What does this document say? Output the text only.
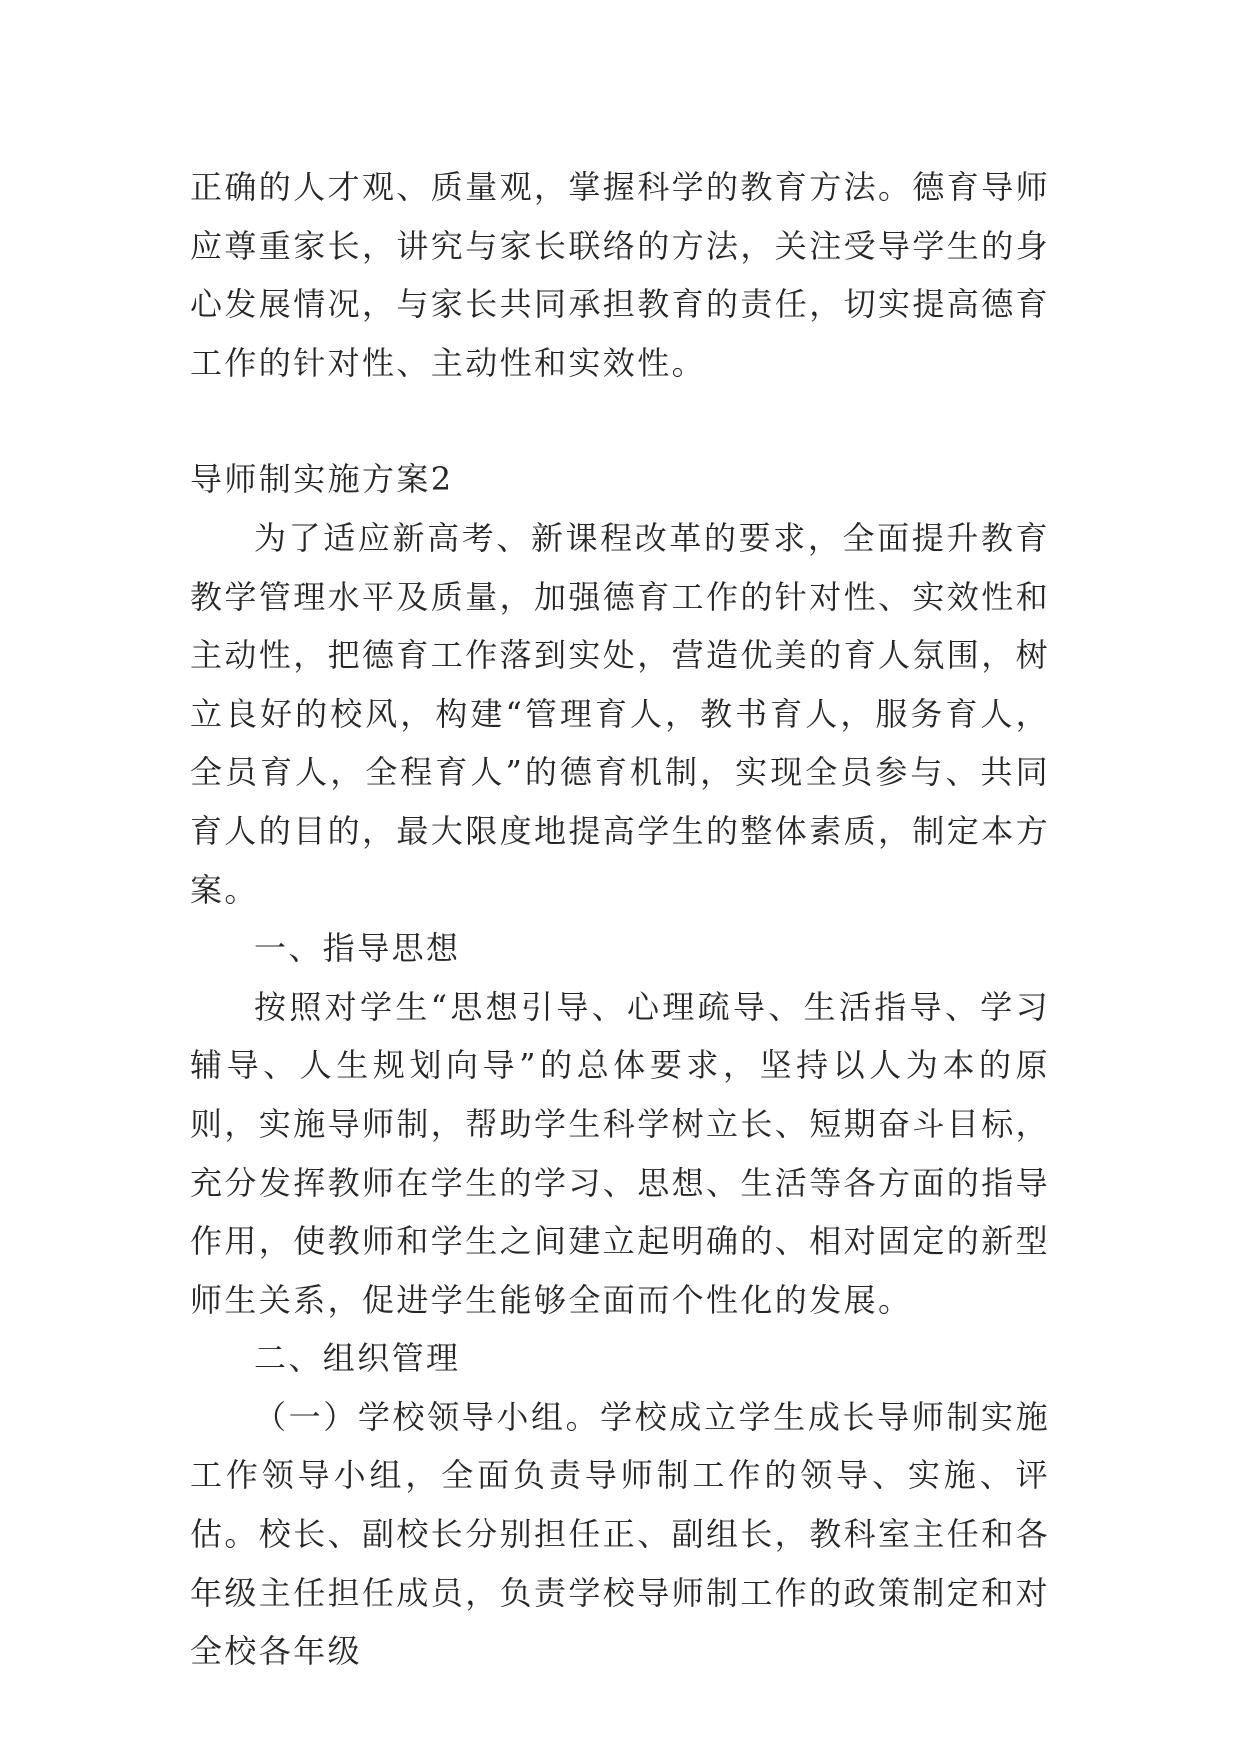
正确的人才观、质量观，掌握科学的教育方法。德育导师应尊重家长，讲究与家长联络的方法，关注受导学生的身心发展情况，与家长共同承担教育的责任，切实提高德育工作的针对性、主动性和实效性。

导师制实施方案2

为了适应新高考、新课程改革的要求，全面提升教育教学管理水平及质量，加强德育工作的针对性、实效性和主动性，把德育工作落到实处，营造优美的育人氛围，树立良好的校风，构建“管理育人，教书育人，服务育人，全员育人，全程育人”的德育机制，实现全员参与、共同育人的目的，最大限度地提高学生的整体素质，制定本方案。

一、指导思想

按照对学生“思想引导、心理疏导、生活指导、学习辅导、人生规划向导”的总体要求，坚持以人为本的原则，实施导师制，帮助学生科学树立长、短期奋斗目标，充分发挥教师在学生的学习、思想、生活等各方面的指导作用，使教师和学生之间建立起明确的、相对固定的新型师生关系，促进学生能够全面而个性化的发展。

二、组织管理

（一）学校领导小组。学校成立学生成长导师制实施工作领导小组，全面负责导师制工作的领导、实施、评估。校长、副校长分别担任正、副组长，教科室主任和各年级主任担任成员，负责学校导师制工作的政策制定和对全校各年级
